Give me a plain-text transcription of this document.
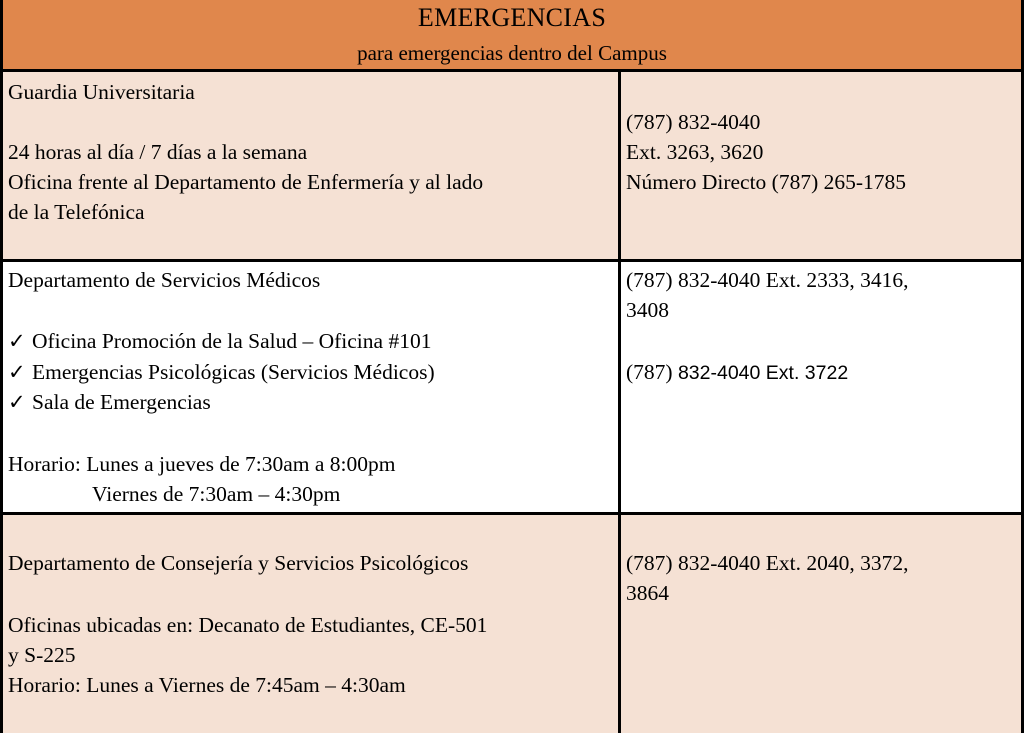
EMERGENCIAS
para emergencias dentro del Campus
Guardia Universitaria
24 horas al día / 7 días a la semana
Oficina frente al Departamento de Enfermería y al lado
de la Telefónica
(787) 832-4040
Ext. 3263, 3620
Número Directo (787) 265-1785
Departamento de Servicios Médicos
✓ Oficina Promoción de la Salud – Oficina #101
✓ Emergencias Psicológicas (Servicios Médicos)
✓ Sala de Emergencias
Horario: Lunes a jueves de 7:30am a 8:00pm
Viernes de 7:30am – 4:30pm
(787) 832-4040 Ext. 2333, 3416,
3408
(787) 832-4040 Ext. 3722
Departamento de Consejería y Servicios Psicológicos
Oficinas ubicadas en: Decanato de Estudiantes, CE-501
y S-225
Horario: Lunes a Viernes de 7:45am – 4:30am
(787) 832-4040 Ext. 2040, 3372,
3864
